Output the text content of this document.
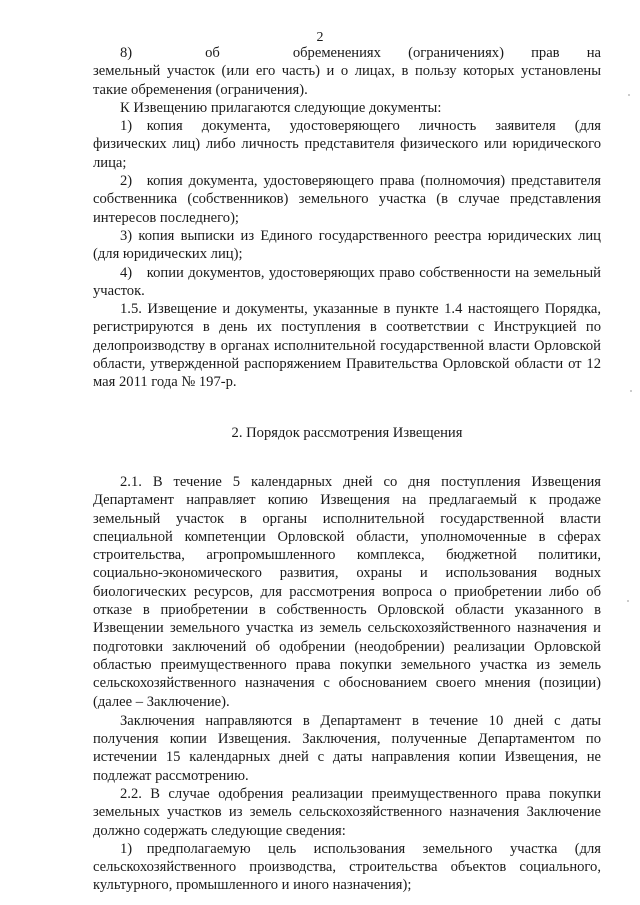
2

8)     об     обременениях (ограничениях) прав на земельный участок (или его часть) и о лицах, в пользу которых установлены такие обременения (ограничения).

К Извещению прилагаются следующие документы:

1) копия документа, удостоверяющего личность заявителя (для физических лиц) либо личность представителя физического или юридического лица;

2) копия документа, удостоверяющего права (полномочия) представителя собственника (собственников) земельного участка (в случае представления интересов последнего);

3) копия выписки из Единого государственного реестра юридических лиц (для юридических лиц);

4) копии документов, удостоверяющих право собственности на земельный участок.

1.5. Извещение и документы, указанные в пункте 1.4 настоящего Порядка, регистрируются в день их поступления в соответствии с Инструкцией по делопроизводству в органах исполнительной государственной власти Орловской области, утвержденной распоряжением Правительства Орловской области от 12 мая 2011 года № 197-р.

2. Порядок рассмотрения Извещения

2.1. В течение 5 календарных дней со дня поступления Извещения Департамент направляет копию Извещения на предлагаемый к продаже земельный участок в органы исполнительной государственной власти специальной компетенции Орловской области, уполномоченные в сферах строительства, агропромышленного комплекса, бюджетной политики, социально-экономического развития, охраны и использования водных биологических ресурсов, для рассмотрения вопроса о приобретении либо об отказе в приобретении в собственность Орловской области указанного в Извещении земельного участка из земель сельскохозяйственного назначения и подготовки заключений об одобрении (неодобрении) реализации Орловской областью преимущественного права покупки земельного участка из земель сельскохозяйственного назначения с обоснованием своего мнения (позиции) (далее – Заключение).

Заключения направляются в Департамент в течение 10 дней с даты получения копии Извещения. Заключения, полученные Департаментом по истечении 15 календарных дней с даты направления копии Извещения, не подлежат рассмотрению.

2.2. В случае одобрения реализации преимущественного права покупки земельных участков из земель сельскохозяйственного назначения Заключение должно содержать следующие сведения:

1) предполагаемую цель использования земельного участка (для сельскохозяйственного производства, строительства объектов социального, культурного, промышленного и иного назначения);
